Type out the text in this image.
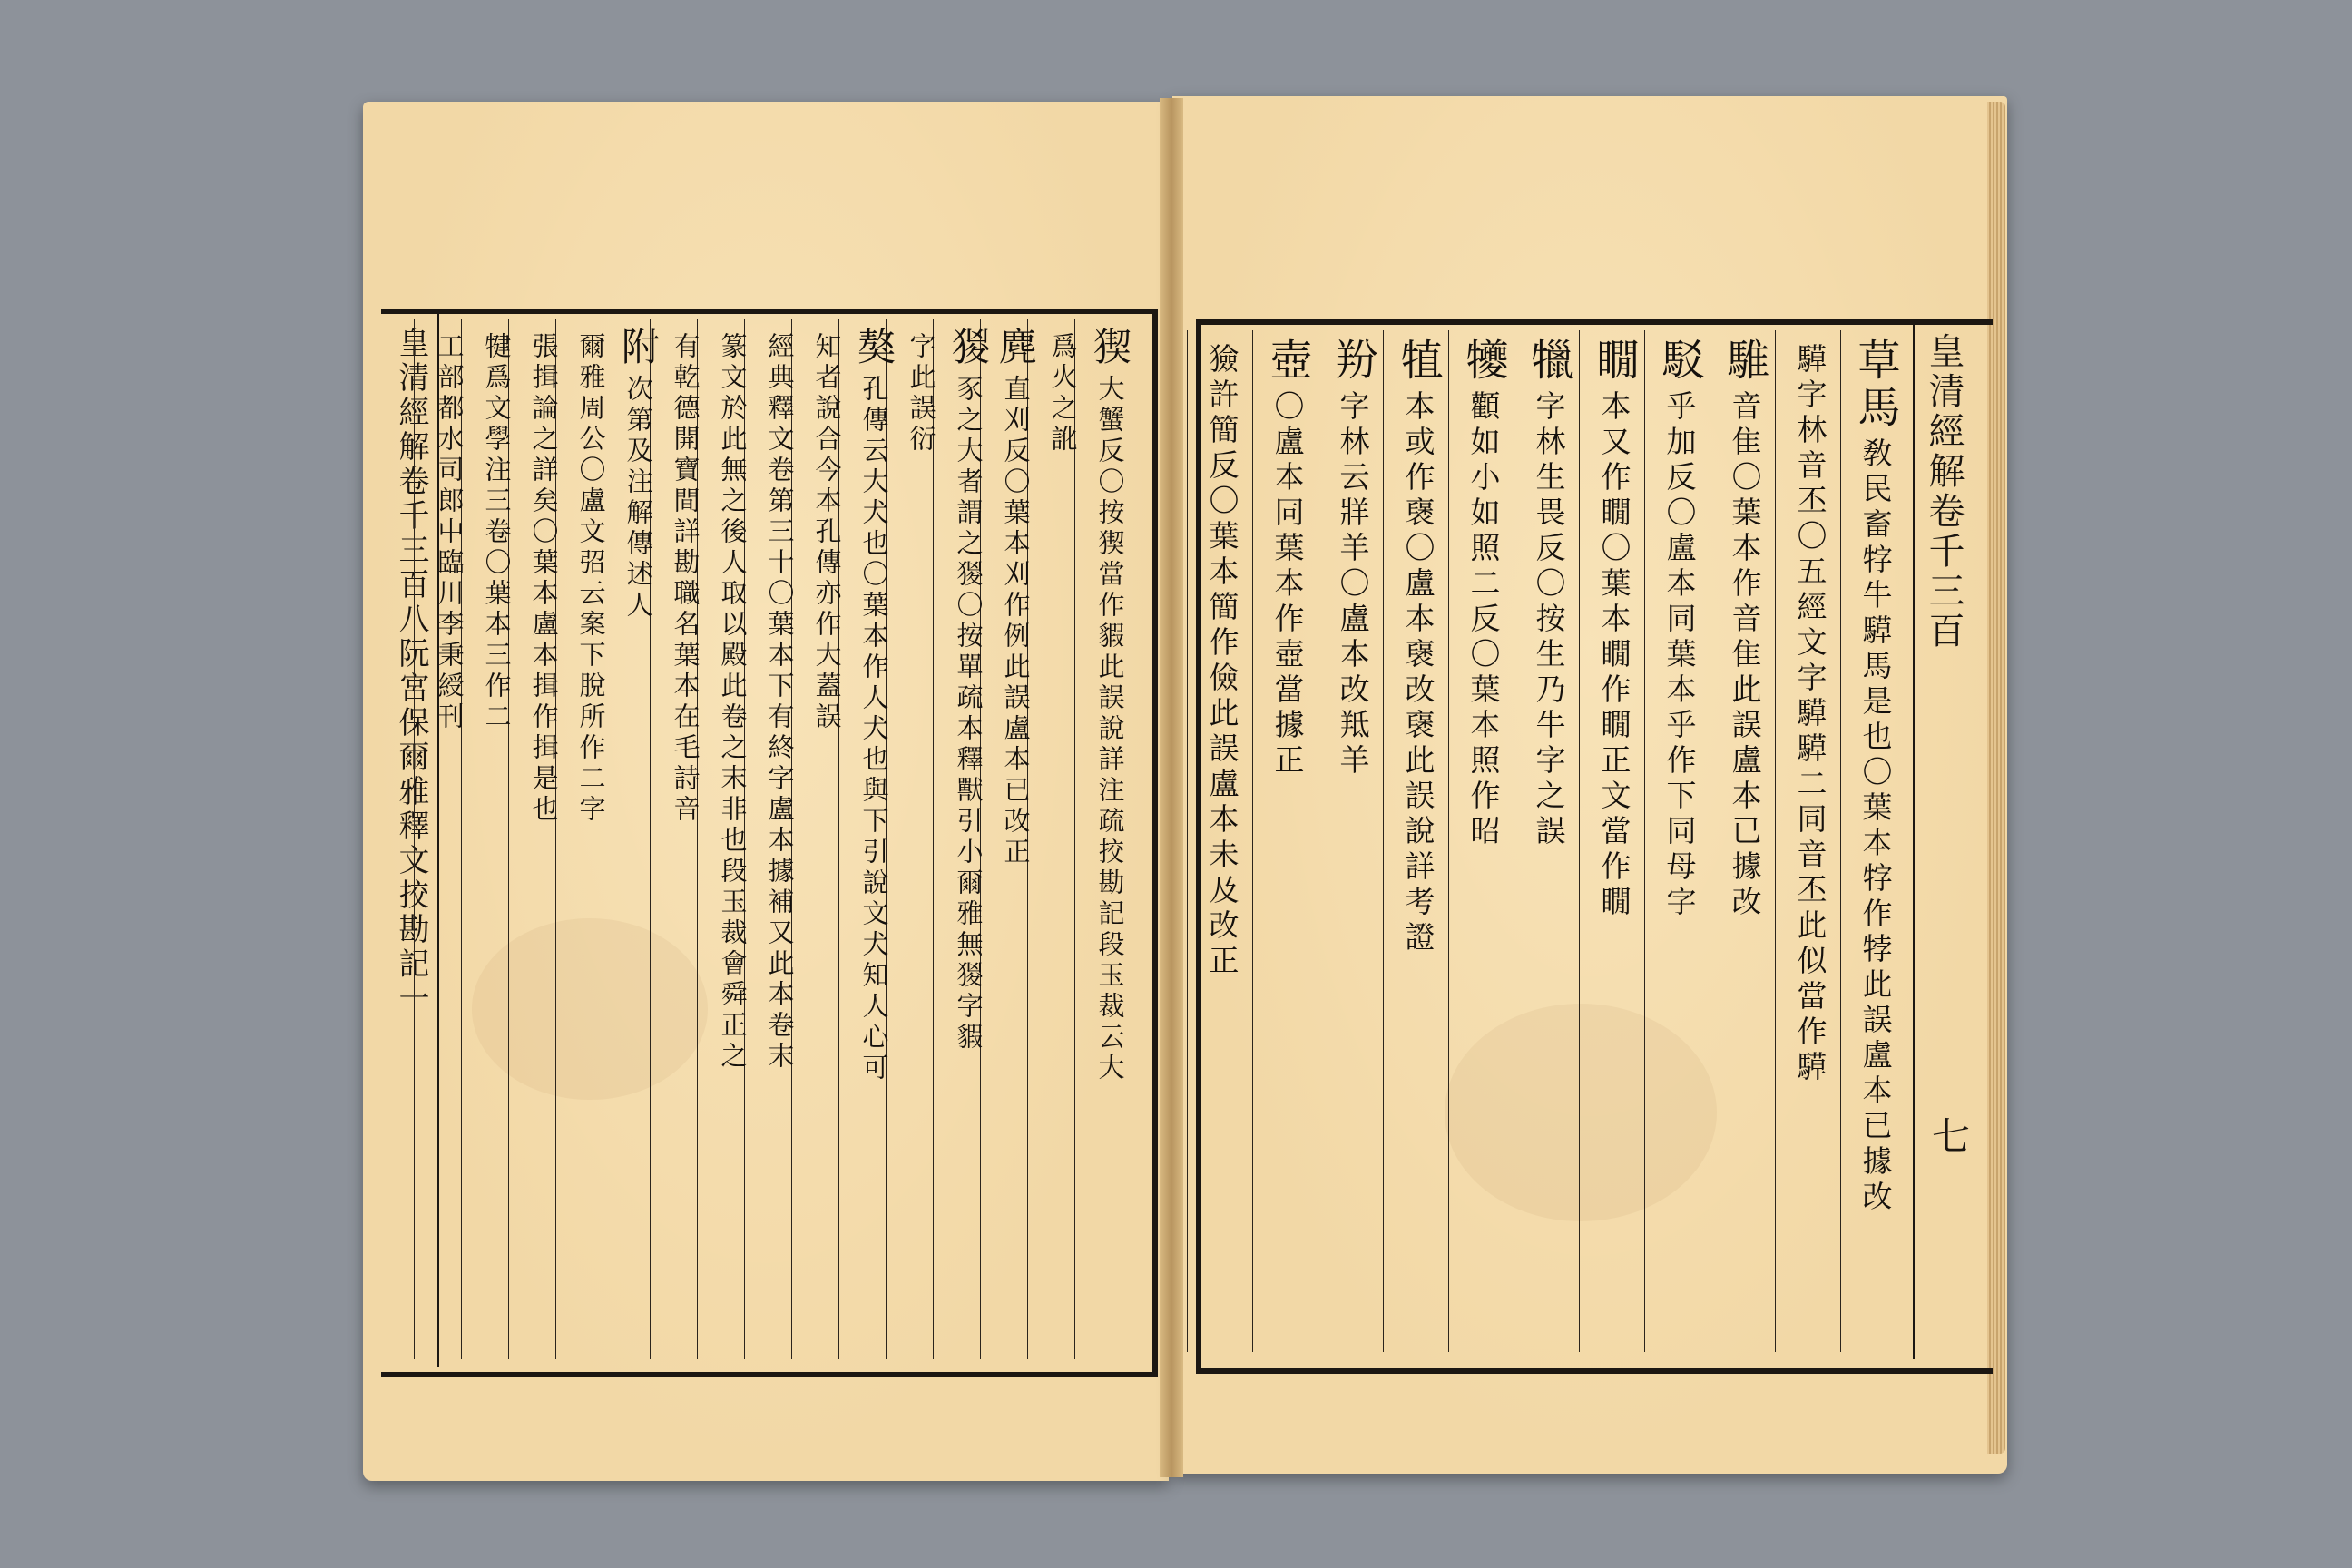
皇清經解卷千三百八阮宮保爾雅釋文挍勘記一	猰
大蟹反〇按猰當作貑此誤說詳注疏挍勘記段玉裁云大
爲火之訛
麂
直刈反〇葉本刈作例此誤盧本已改正
猣
豕之大者謂之猣〇按單疏本釋獸引小爾雅無猣字貑
字此誤衍
獒
孔傳云大犬也〇葉本作人犬也與下引說文犬知人心可
知者說合今本孔傳亦作大蓋誤
經典釋文卷第三十〇葉本下有終字盧本據補又此本卷末
篆文於此無之後人取以殿此卷之末非也段玉裁會舜正之
有乾德開寶間詳勘職名葉本在毛詩音
附
次第及注解傳述人
爾雅周公〇盧文弨云案下脫所作二字
張揖論之詳矣〇葉本盧本揖作揖是也
犍爲文學注三卷〇葉本三作二
工部都水司郎中臨川李秉綬刊	皇清經解卷千三百
七
草馬
敎民畜牸牛騲馬是也〇葉本牸作㹀此誤盧本已據改
騲字林音丕〇五經文字騲騲二同音丕此似當作騲
騅
音隹〇葉本作音隹此誤盧本已據改
駁
乎加反〇盧本同葉本乎作下同母字
瞯
本又作瞯〇葉本瞯作瞯正文當作瞯
犣
字林生畏反〇按生乃牛字之誤
犪
顴如小如照二反〇葉本照作昭
犆
本或作襃〇盧本襃改襃此誤說詳考證
羒
字林云牂羊〇盧本改羝羊
壺
〇盧本同葉本作壺當據正
獫許簡反〇葉本簡作儉此誤盧本未及改正
